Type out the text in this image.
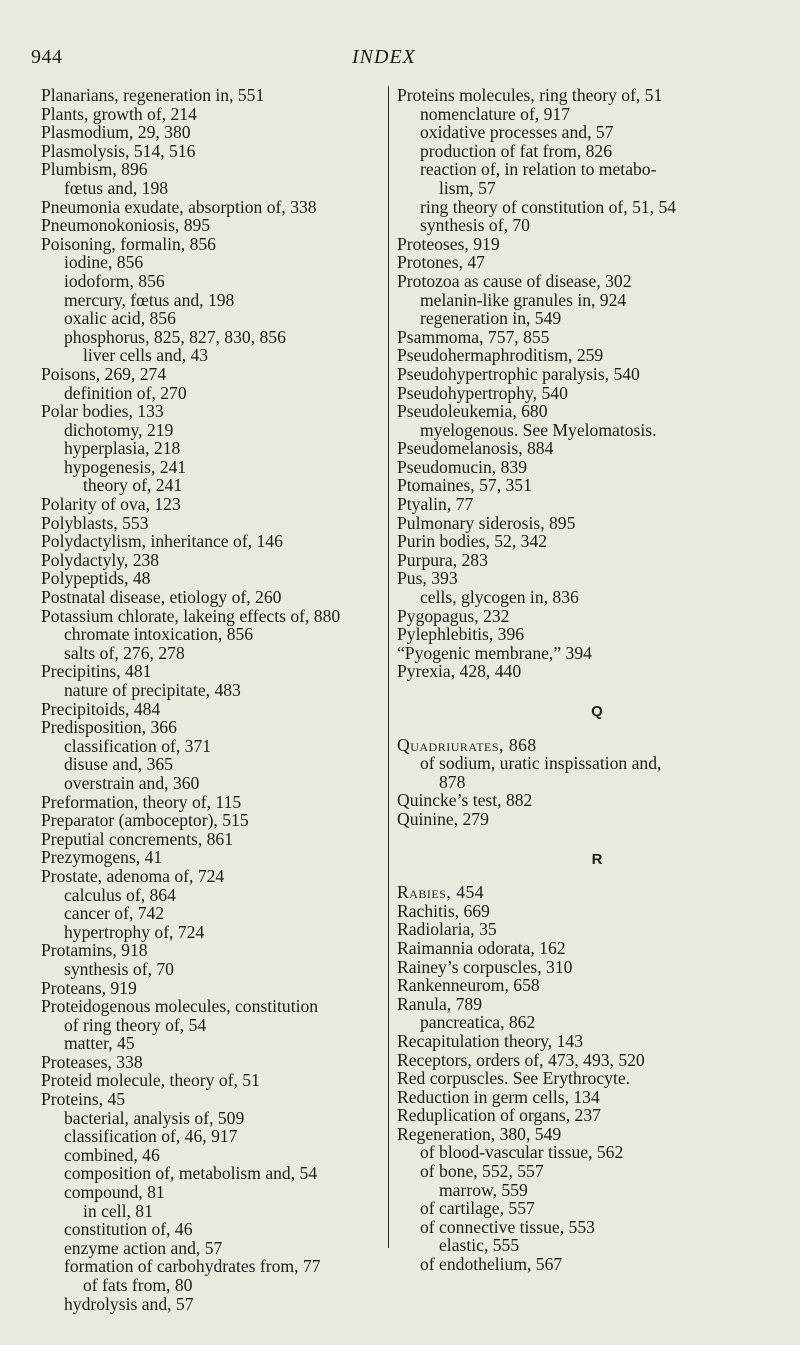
944	INDEX
Planarians, regeneration in, 551
Plants, growth of, 214
Plasmodium, 29, 380
Plasmolysis, 514, 516
Plumbism, 896
fœtus and, 198
Pneumonia exudate, absorption of, 338
Pneumonokoniosis, 895
Poisoning, formalin, 856
iodine, 856
iodoform, 856
mercury, fœtus and, 198
oxalic acid, 856
phosphorus, 825, 827, 830, 856
liver cells and, 43
Poisons, 269, 274
definition of, 270
Polar bodies, 133
dichotomy, 219
hyperplasia, 218
hypogenesis, 241
theory of, 241
Polarity of ova, 123
Polyblasts, 553
Polydactylism, inheritance of, 146
Polydactyly, 238
Polypeptids, 48
Postnatal disease, etiology of, 260
Potassium chlorate, lakeing effects of, 880
chromate intoxication, 856
salts of, 276, 278
Precipitins, 481
nature of precipitate, 483
Precipitoids, 484
Predisposition, 366
classification of, 371
disuse and, 365
overstrain and, 360
Preformation, theory of, 115
Preparator (amboceptor), 515
Preputial concrements, 861
Prezymogens, 41
Prostate, adenoma of, 724
calculus of, 864
cancer of, 742
hypertrophy of, 724
Protamins, 918
synthesis of, 70
Proteans, 919
Proteidogenous molecules, constitution
of ring theory of, 54
matter, 45
Proteases, 338
Proteid molecule, theory of, 51
Proteins, 45
bacterial, analysis of, 509
classification of, 46, 917
combined, 46
composition of, metabolism and, 54
compound, 81
in cell, 81
constitution of, 46
enzyme action and, 57
formation of carbohydrates from, 77
of fats from, 80
hydrolysis and, 57
Proteins molecules, ring theory of, 51
nomenclature of, 917
oxidative processes and, 57
production of fat from, 826
reaction of, in relation to metabo-
lism, 57
ring theory of constitution of, 51, 54
synthesis of, 70
Proteoses, 919
Protones, 47
Protozoa as cause of disease, 302
melanin-like granules in, 924
regeneration in, 549
Psammoma, 757, 855
Pseudohermaphroditism, 259
Pseudohypertrophic paralysis, 540
Pseudohypertrophy, 540
Pseudoleukemia, 680
myelogenous. See Myelomatosis.
Pseudomelanosis, 884
Pseudomucin, 839
Ptomaines, 57, 351
Ptyalin, 77
Pulmonary siderosis, 895
Purin bodies, 52, 342
Purpura, 283
Pus, 393
cells, glycogen in, 836
Pygopagus, 232
Pylephlebitis, 396
“Pyogenic membrane,” 394
Pyrexia, 428, 440
Q
Quadriurates, 868
of sodium, uratic inspissation and,
878
Quincke’s test, 882
Quinine, 279
R
Rabies, 454
Rachitis, 669
Radiolaria, 35
Raimannia odorata, 162
Rainey’s corpuscles, 310
Rankenneurom, 658
Ranula, 789
pancreatica, 862
Recapitulation theory, 143
Receptors, orders of, 473, 493, 520
Red corpuscles. See Erythrocyte.
Reduction in germ cells, 134
Reduplication of organs, 237
Regeneration, 380, 549
of blood-vascular tissue, 562
of bone, 552, 557
marrow, 559
of cartilage, 557
of connective tissue, 553
elastic, 555
of endothelium, 567
